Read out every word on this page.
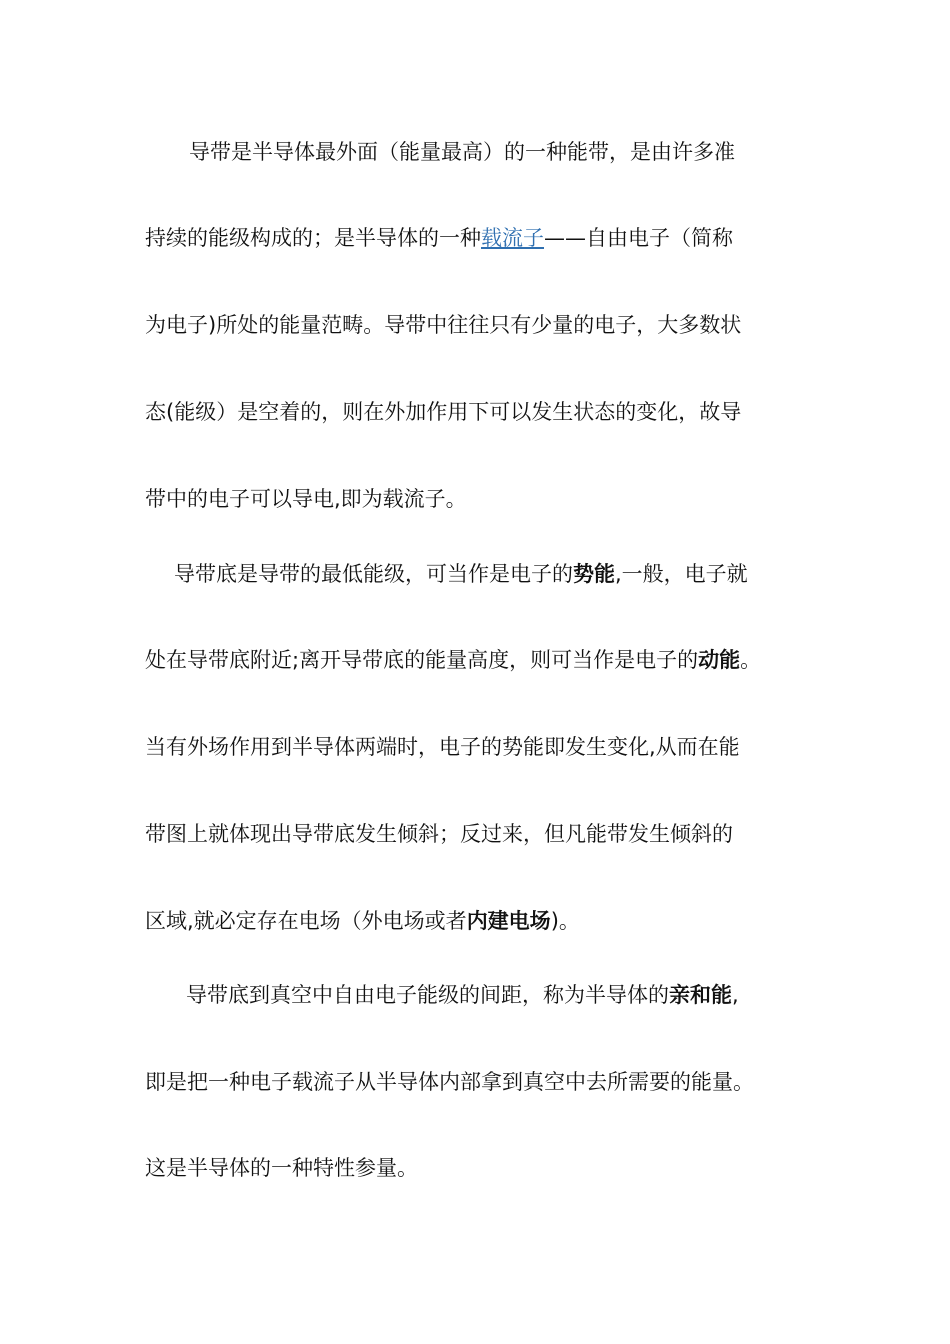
导带是半导体最外面（能量最高）的一种能带，是由许多准
持续的能级构成的；是半导体的一种载流子——自由电子（简称
为电子)所处的能量范畴。导带中往往只有少量的电子，大多数状
态(能级）是空着的，则在外加作用下可以发生状态的变化，故导
带中的电子可以导电,即为载流子。
导带底是导带的最低能级，可当作是电子的势能,一般，电子就
处在导带底附近;离开导带底的能量高度，则可当作是电子的动能。
当有外场作用到半导体两端时，电子的势能即发生变化,从而在能
带图上就体现出导带底发生倾斜；反过来，但凡能带发生倾斜的
区域,就必定存在电场（外电场或者内建电场)。
导带底到真空中自由电子能级的间距，称为半导体的亲和能,
即是把一种电子载流子从半导体内部拿到真空中去所需要的能量。
这是半导体的一种特性参量。
